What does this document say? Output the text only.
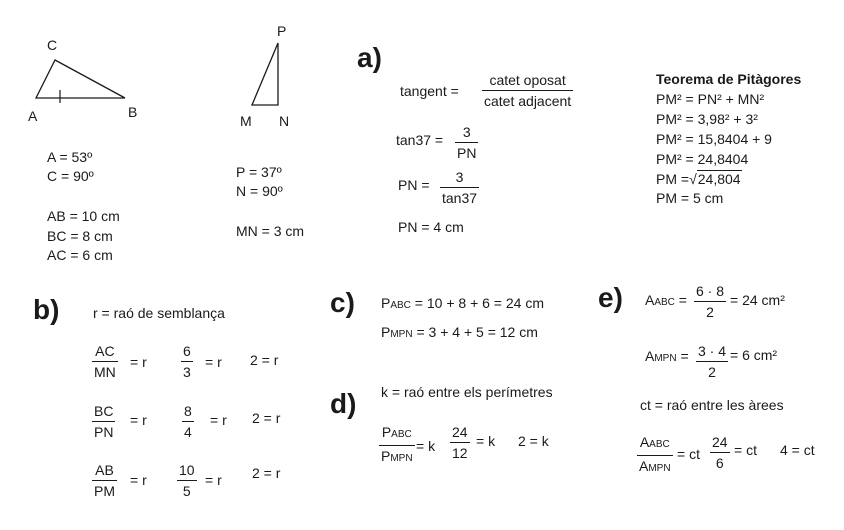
C
A	B
A = 53º
C = 90º
AB = 10 cm
BC = 8 cm
AC = 6 cm
P
M N
P = 37º
N = 90º
MN = 3 cm
a)
tangent =
catet oposat
catet adjacent
tan37 = 3
PN
PN = 3
tan37
PN = 4 cm
Teorema de Pitàgores
PM² = PN² + MN²
PM² = 3,98² + 3²
PM² = 15,8404 + 9
PM² = 24,8404
PM =√24,804
PM = 5 cm
b) r = raó de semblança
AC
MN
= r
6
3
= r 2 = r
BC
PN
= r
8
4
= r 2 = r
AB
PM
= r
10
5
= r 2 = r
c) PABC = 10 + 8 + 6 = 24 cm
PMPN = 3 + 4 + 5 = 12 cm
d) k = raó entre els perímetres
PABC
PMPN
= k
24
12
= k 2 = k
e) AABC =
6 · 8
2
= 24 cm²
AMPN = 3 · 4
2
= 6 cm²
ct = raó entre les àrees
AABC
AMPN
= ct
24
6
= ct 4 = ct
